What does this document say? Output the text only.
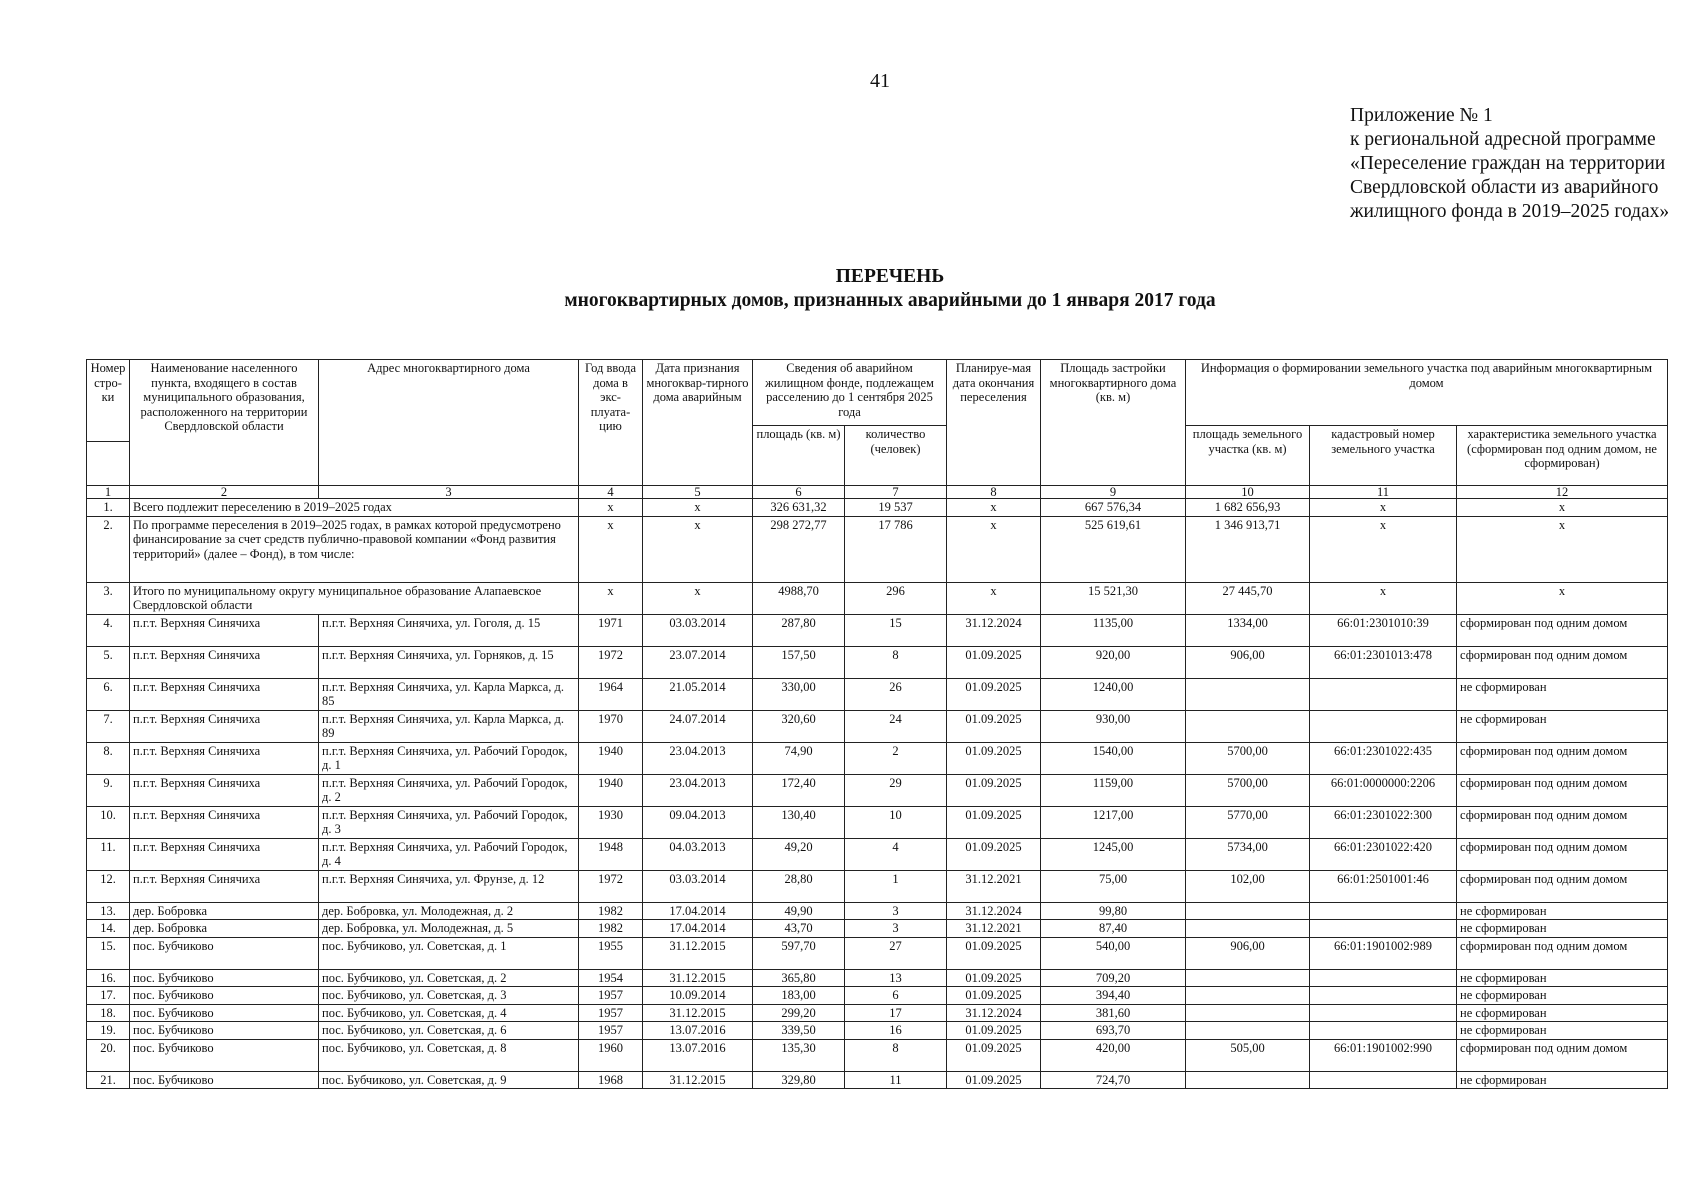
41
Приложение № 1
к региональной адресной программе
«Переселение граждан на территории
Свердловской области из аварийного
жилищного фонда в 2019–2025 годах»
ПЕРЕЧЕНЬ
многоквартирных домов, признанных аварийными до 1 января 2017 года
Номер стро-ки	Наименование населенного пункта, входящего в состав муниципального образования, расположенного на территории Свердловской области	Адрес многоквартирного дома	Год ввода дома в экс-плуата-цию	Дата признания многоквар-тирного дома аварийным	Сведения об аварийном жилищном фонде, подлежащем расселению до 1 сентября 2025 года		Планируе-мая дата окончания переселения	Площадь застройки многоквартирного дома (кв. м)	Информация о формировании земельного участка под аварийным многоквартирным домом		
					площадь (кв. м)	количество (человек)			площадь земельного участка (кв. м)	кадастровый номер земельного участка	характеристика земельного участка (сформирован под одним домом, не сформирован)

1	2	3	4	5	6	7	8	9	10	11	12
1.	Всего подлежит переселению в 2019–2025 годах		х	х	326 631,32	19 537	х	667 576,34	1 682 656,93	х	х
2.	По программе переселения в 2019–2025 годах, в рамках которой предусмотрено финансирование за счет средств публично-правовой компании «Фонд развития территорий» (далее – Фонд), в том числе:		х	х	298 272,77	17 786	х	525 619,61	1 346 913,71	х	х
3.	Итого по муниципальному округу муниципальное образование Алапаевское Свердловской области		х	х	4988,70	296	х	15 521,30	27 445,70	х	х
4.	п.г.т. Верхняя Синячиха	п.г.т. Верхняя Синячиха, ул. Гоголя, д. 15	1971	03.03.2014	287,80	15	31.12.2024	1135,00	1334,00	66:01:2301010:39	сформирован под одним домом
5.	п.г.т. Верхняя Синячиха	п.г.т. Верхняя Синячиха, ул. Горняков, д. 15	1972	23.07.2014	157,50	8	01.09.2025	920,00	906,00	66:01:2301013:478	сформирован под одним домом
6.	п.г.т. Верхняя Синячиха	п.г.т. Верхняя Синячиха, ул. Карла Маркса, д. 85	1964	21.05.2014	330,00	26	01.09.2025	1240,00			не сформирован
7.	п.г.т. Верхняя Синячиха	п.г.т. Верхняя Синячиха, ул. Карла Маркса, д. 89	1970	24.07.2014	320,60	24	01.09.2025	930,00			не сформирован
8.	п.г.т. Верхняя Синячиха	п.г.т. Верхняя Синячиха, ул. Рабочий Городок, д. 1	1940	23.04.2013	74,90	2	01.09.2025	1540,00	5700,00	66:01:2301022:435	сформирован под одним домом
9.	п.г.т. Верхняя Синячиха	п.г.т. Верхняя Синячиха, ул. Рабочий Городок, д. 2	1940	23.04.2013	172,40	29	01.09.2025	1159,00	5700,00	66:01:0000000:2206	сформирован под одним домом
10.	п.г.т. Верхняя Синячиха	п.г.т. Верхняя Синячиха, ул. Рабочий Городок, д. 3	1930	09.04.2013	130,40	10	01.09.2025	1217,00	5770,00	66:01:2301022:300	сформирован под одним домом
11.	п.г.т. Верхняя Синячиха	п.г.т. Верхняя Синячиха, ул. Рабочий Городок, д. 4	1948	04.03.2013	49,20	4	01.09.2025	1245,00	5734,00	66:01:2301022:420	сформирован под одним домом
12.	п.г.т. Верхняя Синячиха	п.г.т. Верхняя Синячиха, ул. Фрунзе, д. 12	1972	03.03.2014	28,80	1	31.12.2021	75,00	102,00	66:01:2501001:46	сформирован под одним домом
13.	дер. Бобровка	дер. Бобровка, ул. Молодежная, д. 2	1982	17.04.2014	49,90	3	31.12.2024	99,80			не сформирован
14.	дер. Бобровка	дер. Бобровка, ул. Молодежная, д. 5	1982	17.04.2014	43,70	3	31.12.2021	87,40			не сформирован
15.	пос. Бубчиково	пос. Бубчиково, ул. Советская, д. 1	1955	31.12.2015	597,70	27	01.09.2025	540,00	906,00	66:01:1901002:989	сформирован под одним домом
16.	пос. Бубчиково	пос. Бубчиково, ул. Советская, д. 2	1954	31.12.2015	365,80	13	01.09.2025	709,20			не сформирован
17.	пос. Бубчиково	пос. Бубчиково, ул. Советская, д. 3	1957	10.09.2014	183,00	6	01.09.2025	394,40			не сформирован
18.	пос. Бубчиково	пос. Бубчиково, ул. Советская, д. 4	1957	31.12.2015	299,20	17	31.12.2024	381,60			не сформирован
19.	пос. Бубчиково	пос. Бубчиково, ул. Советская, д. 6	1957	13.07.2016	339,50	16	01.09.2025	693,70			не сформирован
20.	пос. Бубчиково	пос. Бубчиково, ул. Советская, д. 8	1960	13.07.2016	135,30	8	01.09.2025	420,00	505,00	66:01:1901002:990	сформирован под одним домом
21.	пос. Бубчиково	пос. Бубчиково, ул. Советская, д. 9	1968	31.12.2015	329,80	11	01.09.2025	724,70			не сформирован
